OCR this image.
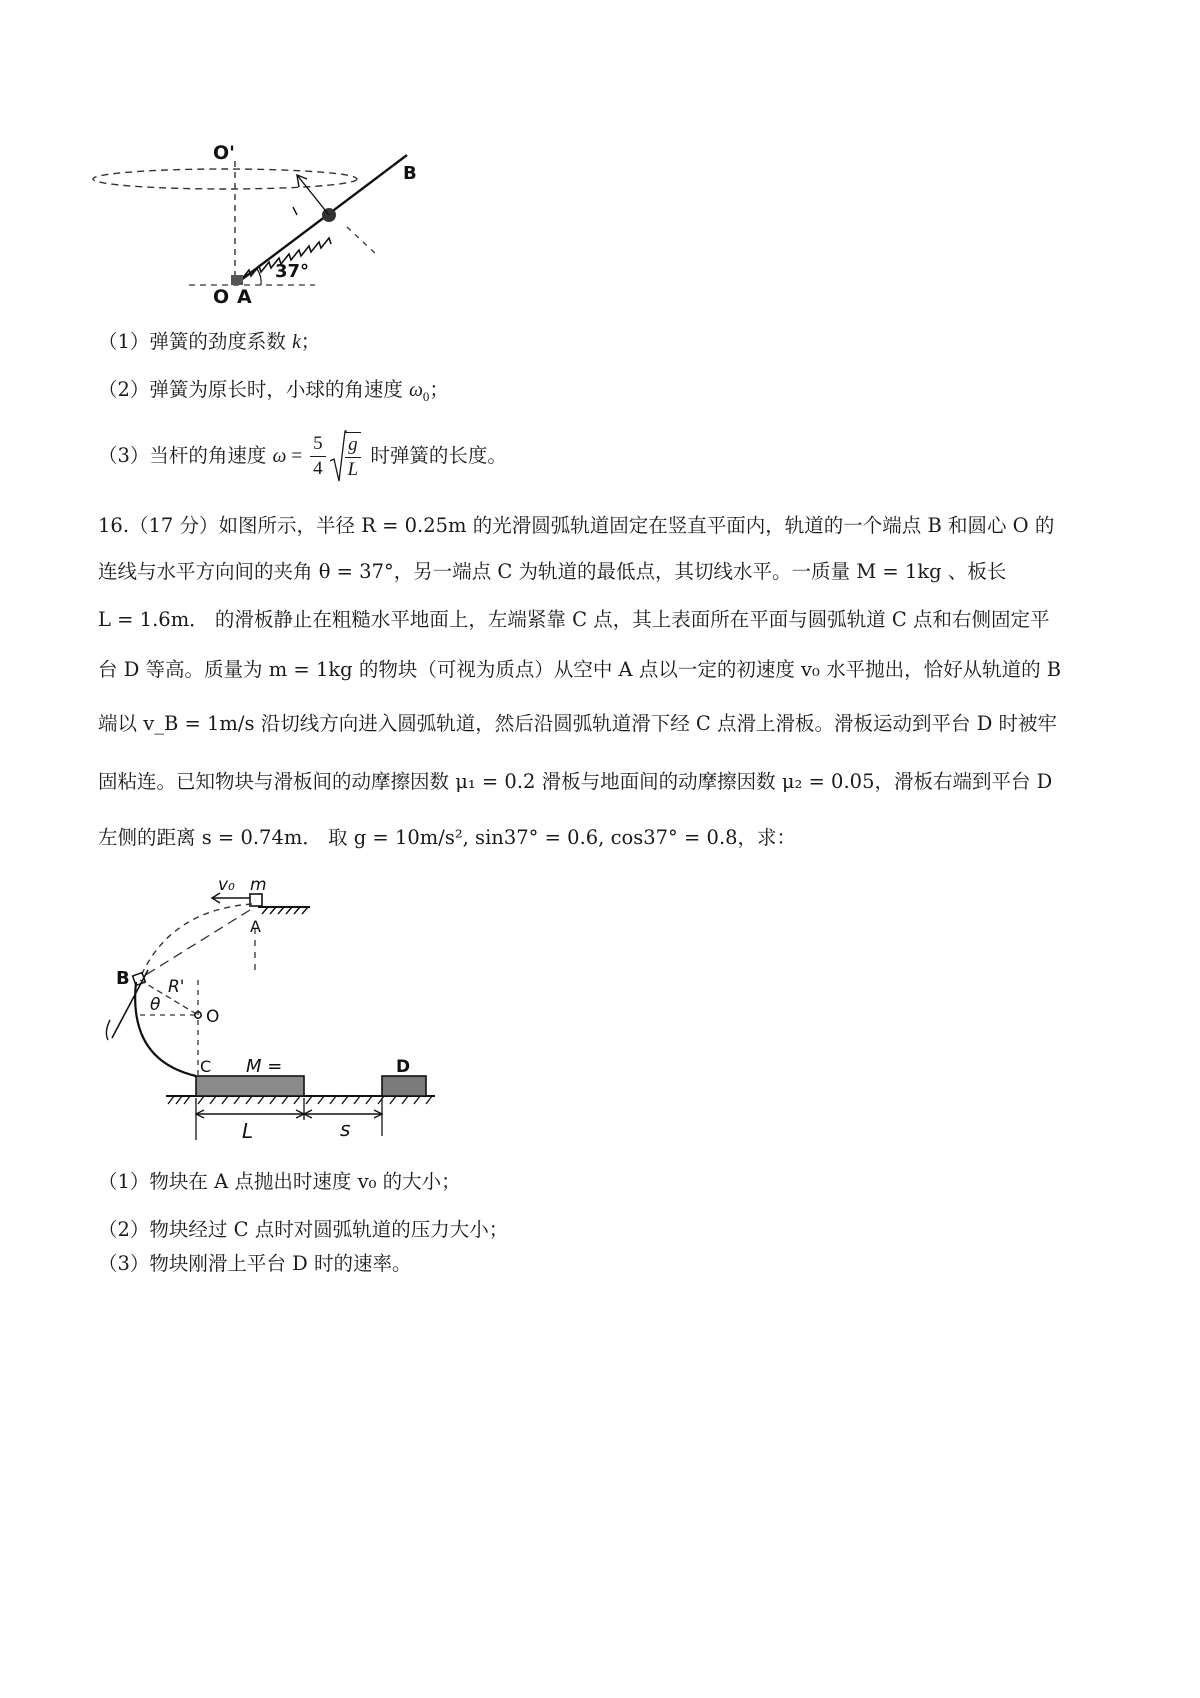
O'
B
37°
O A
（1）弹簧的劲度系数 k；
（2）弹簧为原长时，小球的角速度 $\omega_0$；
（3）当杆的角速度 $\omega = \frac{5}{4} \frac{g}{L}$ 时弹簧的长度。
16.（17 分）如图所示，半径 R = 0.25m 的光滑圆弧轨道固定在竖直平面内，轨道的一个端点 B 和圆心 O 的
连线与水平方向间的夹角 θ = 37°，另一端点 C 为轨道的最低点，其切线水平。一质量 M = 1kg 、板长
L = 1.6m． 的滑板静止在粗糙水平地面上，左端紧靠 C 点，其上表面所在平面与圆弧轨道 C 点和右侧固定平
台 D 等高。质量为 m = 1kg 的物块（可视为质点）从空中 A 点以一定的初速度 v₀ 水平抛出，恰好从轨道的 B
端以 v_B = 1m/s 沿切线方向进入圆弧轨道，然后沿圆弧轨道滑下经 C 点滑上滑板。滑板运动到平台 D 时被牢
固粘连。已知物块与滑板间的动摩擦因数 μ₁ = 0.2 滑板与地面间的动摩擦因数 μ₂ = 0.05，滑板右端到平台 D
左侧的距离 s = 0.74m． 取 g = 10m/s², sin37° = 0.6, cos37° = 0.8，求：
v₀ m
A
B R'
θ
O
C M =	D
L	s
（1）物块在 A 点抛出时速度 v₀ 的大小；
（2）物块经过 C 点时对圆弧轨道的压力大小；
（3）物块刚滑上平台 D 时的速率。
